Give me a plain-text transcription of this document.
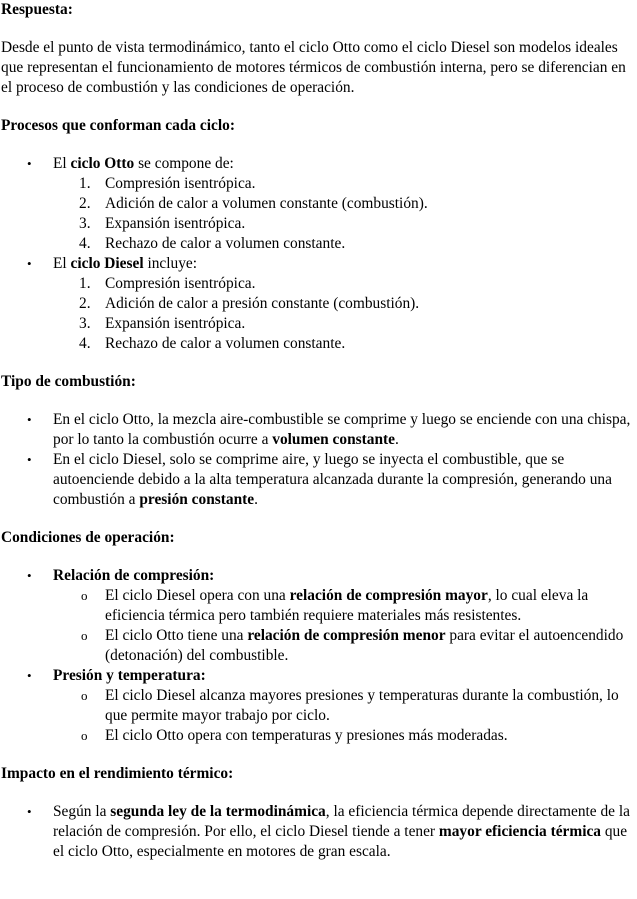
Respuesta:

Desde el punto de vista termodinámico, tanto el ciclo Otto como el ciclo Diesel son modelos ideales que representan el funcionamiento de motores térmicos de combustión interna, pero se diferencian en el proceso de combustión y las condiciones de operación.

Procesos que conforman cada ciclo:

• El ciclo Otto se compone de:
1. Compresión isentrópica.
2. Adición de calor a volumen constante (combustión).
3. Expansión isentrópica.
4. Rechazo de calor a volumen constante.
• El ciclo Diesel incluye:
1. Compresión isentrópica.
2. Adición de calor a presión constante (combustión).
3. Expansión isentrópica.
4. Rechazo de calor a volumen constante.

Tipo de combustión:

• En el ciclo Otto, la mezcla aire-combustible se comprime y luego se enciende con una chispa, por lo tanto la combustión ocurre a volumen constante.
• En el ciclo Diesel, solo se comprime aire, y luego se inyecta el combustible, que se autoenciende debido a la alta temperatura alcanzada durante la compresión, generando una combustión a presión constante.

Condiciones de operación:

• Relación de compresión:
o El ciclo Diesel opera con una relación de compresión mayor, lo cual eleva la eficiencia térmica pero también requiere materiales más resistentes.
o El ciclo Otto tiene una relación de compresión menor para evitar el autoencendido (detonación) del combustible.
• Presión y temperatura:
o El ciclo Diesel alcanza mayores presiones y temperaturas durante la combustión, lo que permite mayor trabajo por ciclo.
o El ciclo Otto opera con temperaturas y presiones más moderadas.

Impacto en el rendimiento térmico:

• Según la segunda ley de la termodinámica, la eficiencia térmica depende directamente de la relación de compresión. Por ello, el ciclo Diesel tiende a tener mayor eficiencia térmica que el ciclo Otto, especialmente en motores de gran escala.
